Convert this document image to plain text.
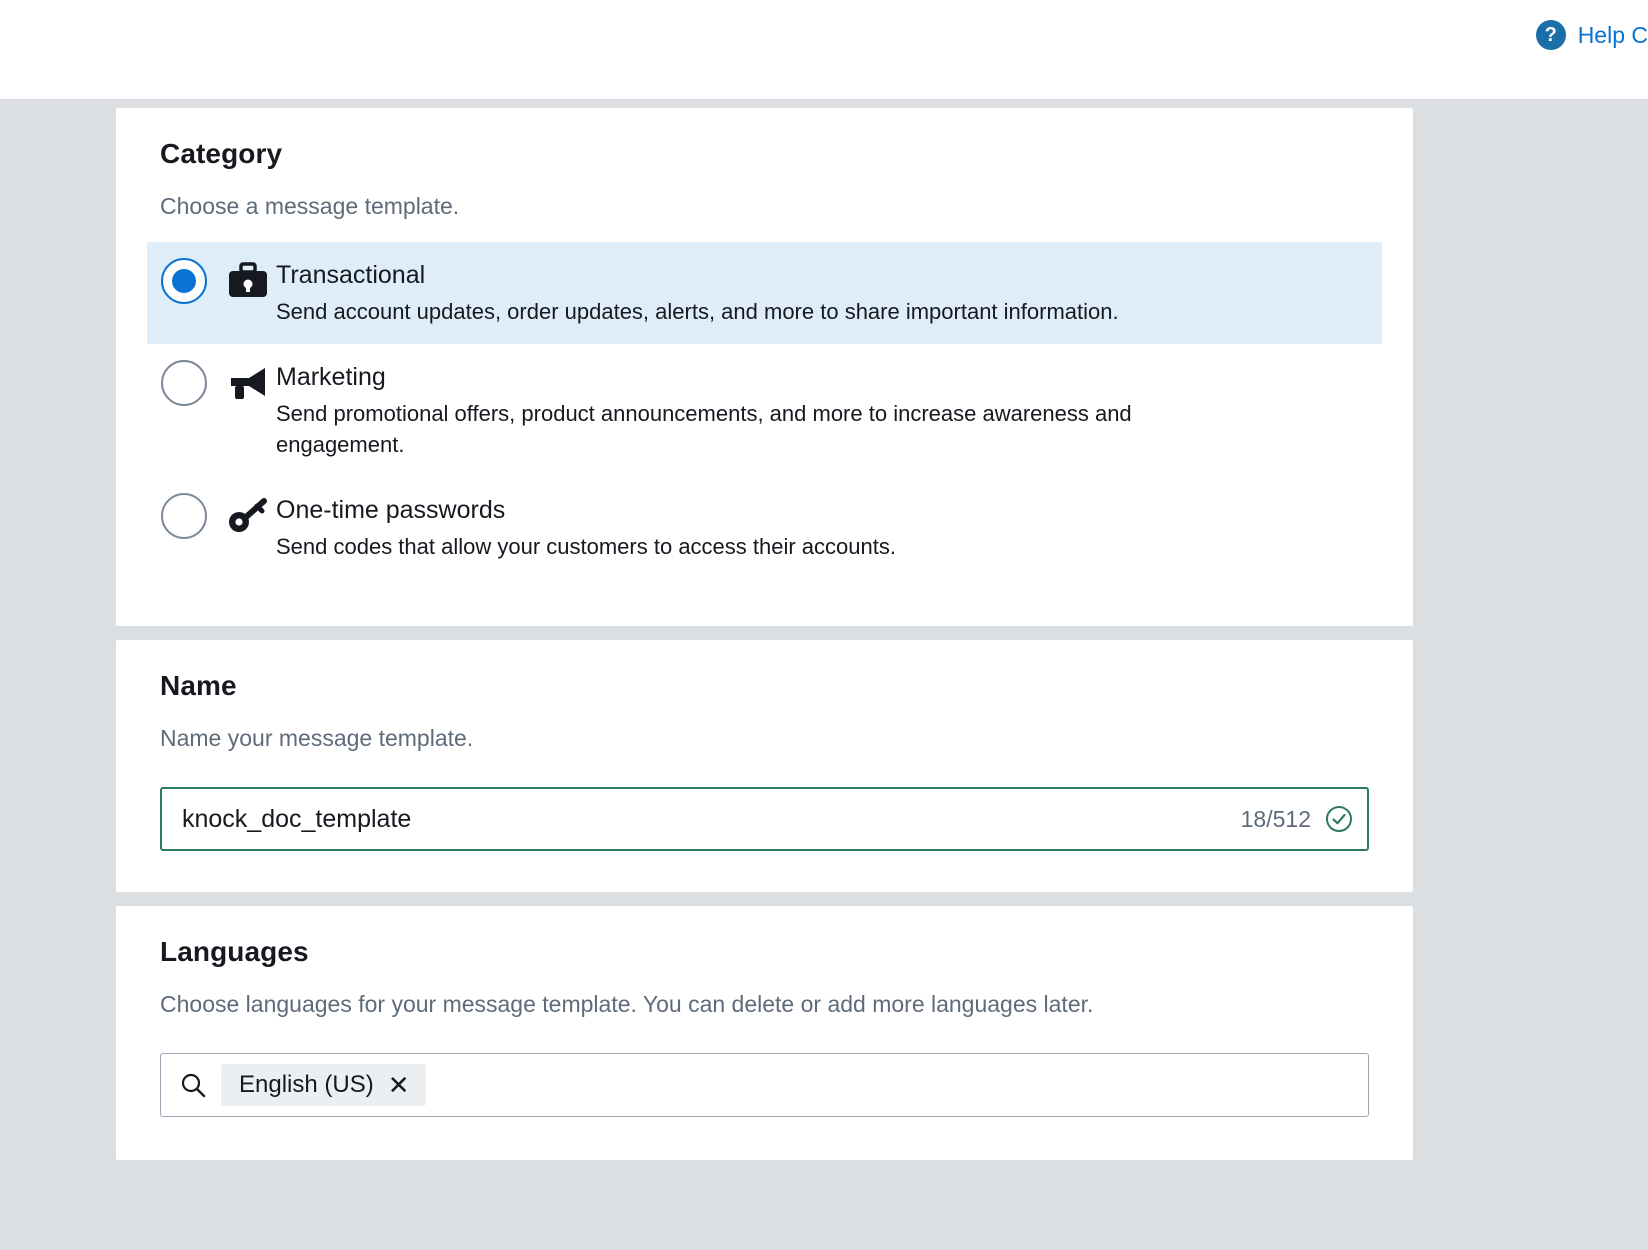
? Help C
Category

Choose a message template.

Transactional
Send account updates, order updates, alerts, and more to share important information.
Marketing
Send promotional offers, product announcements, and more to increase awareness and engagement.
One-time passwords
Send codes that allow your customers to access their accounts.
Name

Name your message template.

knock_doc_template
18/512
Languages

Choose languages for your message template. You can delete or add more languages later.

English (US) ✕
